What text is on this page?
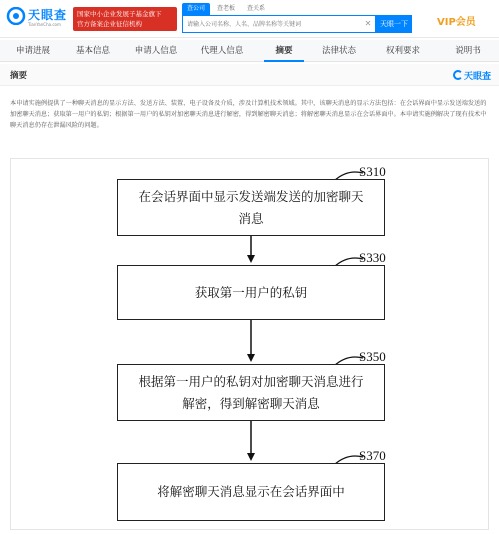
天眼查
TianYanCha.com
国家中小企业发展子基金旗下
官方备案企业征信机构
查公司	查老板	查关系
请输入公司名称、人名、品牌名称等关键词
✕	天眼一下	VIP会员
申请进展	基本信息	申请人信息	代理人信息	摘要	法律状态	权利要求	说明书
摘要	天眼查
本申请实施例提供了一种聊天消息的显示方法、发送方法、装置、电子设备及介质，涉及计算机技术领域。其中，该聊天消息的显示方法包括：在会话界面中显示发送端发送的加密聊天消息；获取第一用户的私钥；根据第一用户的私钥对加密聊天消息进行解密，得到解密聊天消息；将解密聊天消息显示在会话界面中。本申请实施例解决了现有技术中聊天消息仍存在泄漏风险的问题。
S310
在会话界面中显示发送端发送的加密聊天
消息
S330
获取第一用户的私钥
S350
根据第一用户的私钥对加密聊天消息进行
解密，得到解密聊天消息
S370
将解密聊天消息显示在会话界面中
